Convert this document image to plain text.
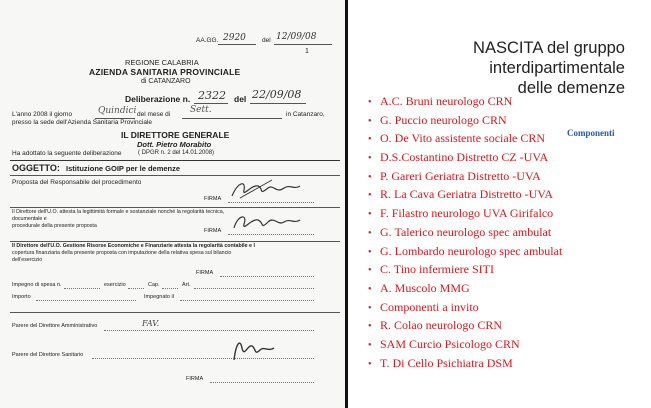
AA.GG. 2920 del 12/09/08
1
REGIONE CALABRIA
AZIENDA SANITARIA PROVINCIALE
di CATANZARO
Deliberazione n. 2322 del 22/09/08
L'anno 2008 il giorno	Quindici del mese di Sett.	in Catanzaro,
presso la sede dell'Azienda Sanitaria Provinciale
IL DIRETTORE GENERALE
Dott. Pietro Morabito
( DPGR n. 2 del 14.01.2008)
Ha adottato la seguente deliberazione
OGGETTO: Istituzione GOIP per le demenze
Proposta del Responsabile del procedimento
FIRMA
Il Direttore dell'U.O. attesta la legittimità formale e sostanziale nonché la regolarità tecnica,
documentale e
procedurale della presente proposta
FIRMA
Il Direttore dell'U.O. Gestione Risorse Economiche e Finanziarie attesta la regolarità contabile e l
copertura finanziaria della presente proposta con imputazione della relativa spesa sul bilancio
dell'esercizio
FIRMA
Impegno di spesa n.	esercizio	Cap.	Art.
Importo	Impegnato il
Parere del Direttore Amministrativo	FAV.
Parere del Direttore Sanitario
FIRMA
NASCITA del gruppo
interdipartimentale
delle demenze
Componenti
• A.C. Bruni neurologo CRN
• G. Puccio neurologo CRN
• O. De Vito assistente sociale CRN
• D.S.Costantino Distretto CZ -UVA
• P. Gareri Geriatra Distretto -UVA
• R. La Cava Geriatra Distretto -UVA
• F. Filastro neurologo UVA Girifalco
• G. Talerico neurologo spec ambulat
• G. Lombardo neurologo spec ambulat
• C. Tino infermiere SITI
• A. Muscolo MMG
• Componenti a invito
• R. Colao neurologo CRN
• SAM Curcio Psicologo CRN
• T. Di Cello Psichiatra DSM
